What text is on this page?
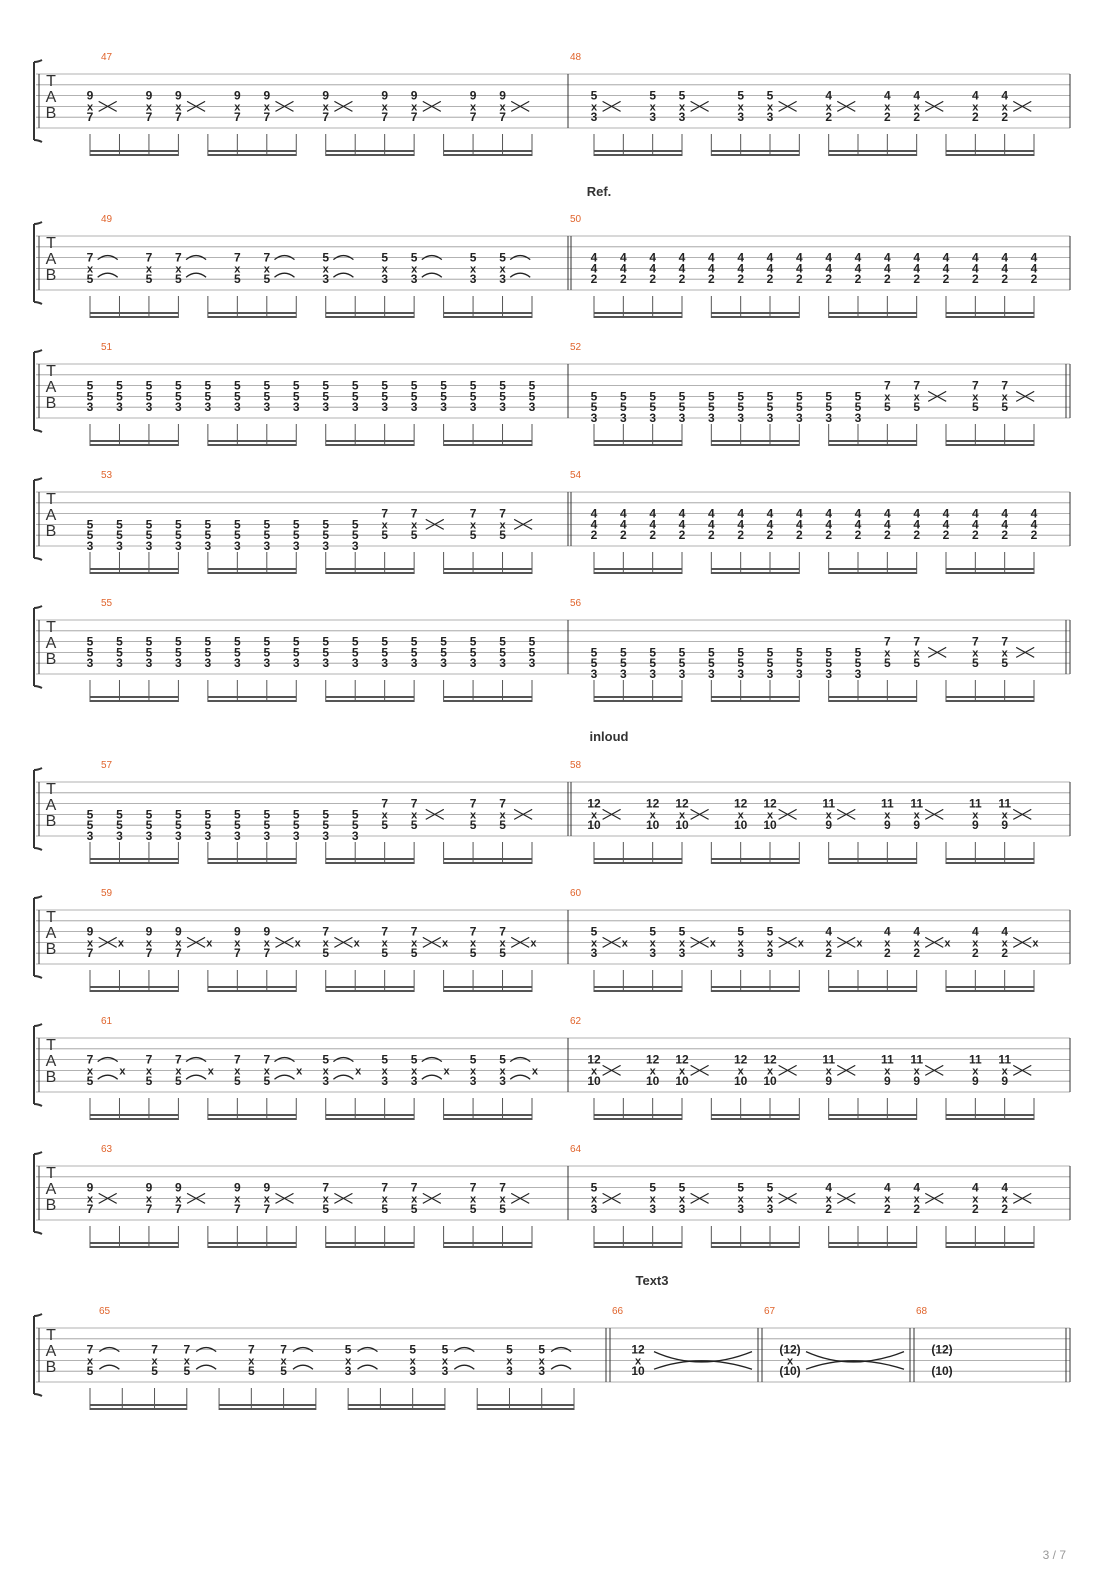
T
A
B
47
9
7
x
9
7
x
9
7
x
9
7
x
9
7
x
9
7
x
9
7
x
9
7
x
9
7
x
9
7
x
48
5
3
x
5
3
x
5
3
x
5
3
x
5
3
x
4
2
x
4
2
x
4
2
x
4
2
x
4
2
x
T
A
B
49
7
5
x
7
5
x
7
5
x
7
5
x
7
5
x
5
3
x
5
3
x
5
3
x
5
3
x
5
3
x
50
4
4
2
4
4
2
4
4
2
4
4
2
4
4
2
4
4
2
4
4
2
4
4
2
4
4
2
4
4
2
4
4
2
4
4
2
4
4
2
4
4
2
4
4
2
4
4
2
T
A
B
51
5
5
3
5
5
3
5
5
3
5
5
3
5
5
3
5
5
3
5
5
3
5
5
3
5
5
3
5
5
3
5
5
3
5
5
3
5
5
3
5
5
3
5
5
3
5
5
3
52
5
5
3
5
5
3
5
5
3
5
5
3
5
5
3
5
5
3
5
5
3
5
5
3
5
5
3
5
5
3
7
x
5
7
x
5
7
x
5
7
x
5
T
A
B
53
5
5
3
5
5
3
5
5
3
5
5
3
5
5
3
5
5
3
5
5
3
5
5
3
5
5
3
5
5
3
7
x
5
7
x
5
7
x
5
7
x
5
54
4
4
2
4
4
2
4
4
2
4
4
2
4
4
2
4
4
2
4
4
2
4
4
2
4
4
2
4
4
2
4
4
2
4
4
2
4
4
2
4
4
2
4
4
2
4
4
2
T
A
B
55
5
5
3
5
5
3
5
5
3
5
5
3
5
5
3
5
5
3
5
5
3
5
5
3
5
5
3
5
5
3
5
5
3
5
5
3
5
5
3
5
5
3
5
5
3
5
5
3
56
5
5
3
5
5
3
5
5
3
5
5
3
5
5
3
5
5
3
5
5
3
5
5
3
5
5
3
5
5
3
7
x
5
7
x
5
7
x
5
7
x
5
T
A
B
57
5
5
3
5
5
3
5
5
3
5
5
3
5
5
3
5
5
3
5
5
3
5
5
3
5
5
3
5
5
3
7
x
5
7
x
5
7
x
5
7
x
5
58
12
10
x
12
10
x
12
10
x
12
10
x
12
10
x
11
9
x
11
9
x
11
9
x
11
9
x
11
9
x
T
A
B
59
9
7
x x
9
7
x
9
7
x x
9
7
x
9
7
x x
7
5
x x
7
5
x
7
5
x x
7
5
x
7
5
x x
60
5
3
x x
5
3
x
5
3
x x
5
3
x
5
3
x x
4
2
x x
4
2
x
4
2
x x
4
2
x
4
2
x x
T
A
B
61
7
5
x x
7
5
x
7
5
x x
7
5
x
7
5
x x
5
3
x x
5
3
x
5
3
x x
5
3
x
5
3
x x
62
12
10
x
12
10
x
12
10
x
12
10
x
12
10
x
11
9
x
11
9
x
11
9
x
11
9
x
11
9
x
T
A
B
63
9
7
x
9
7
x
9
7
x
9
7
x
9
7
x
7
5
x
7
5
x
7
5
x
7
5
x
7
5
x
64
5
3
x
5
3
x
5
3
x
5
3
x
5
3
x
4
2
x
4
2
x
4
2
x
4
2
x
4
2
x
T
A
B
65
7
5
x
7
5
x
7
5
x
7
5
x
7
5
x
5
3
x
5
3
x
5
3
x
5
3
x
5
3
x
66
12
x
10
67
(12)
x
(10)
68
(12)
(10)
Ref.
inloud
Text3
3 / 7
